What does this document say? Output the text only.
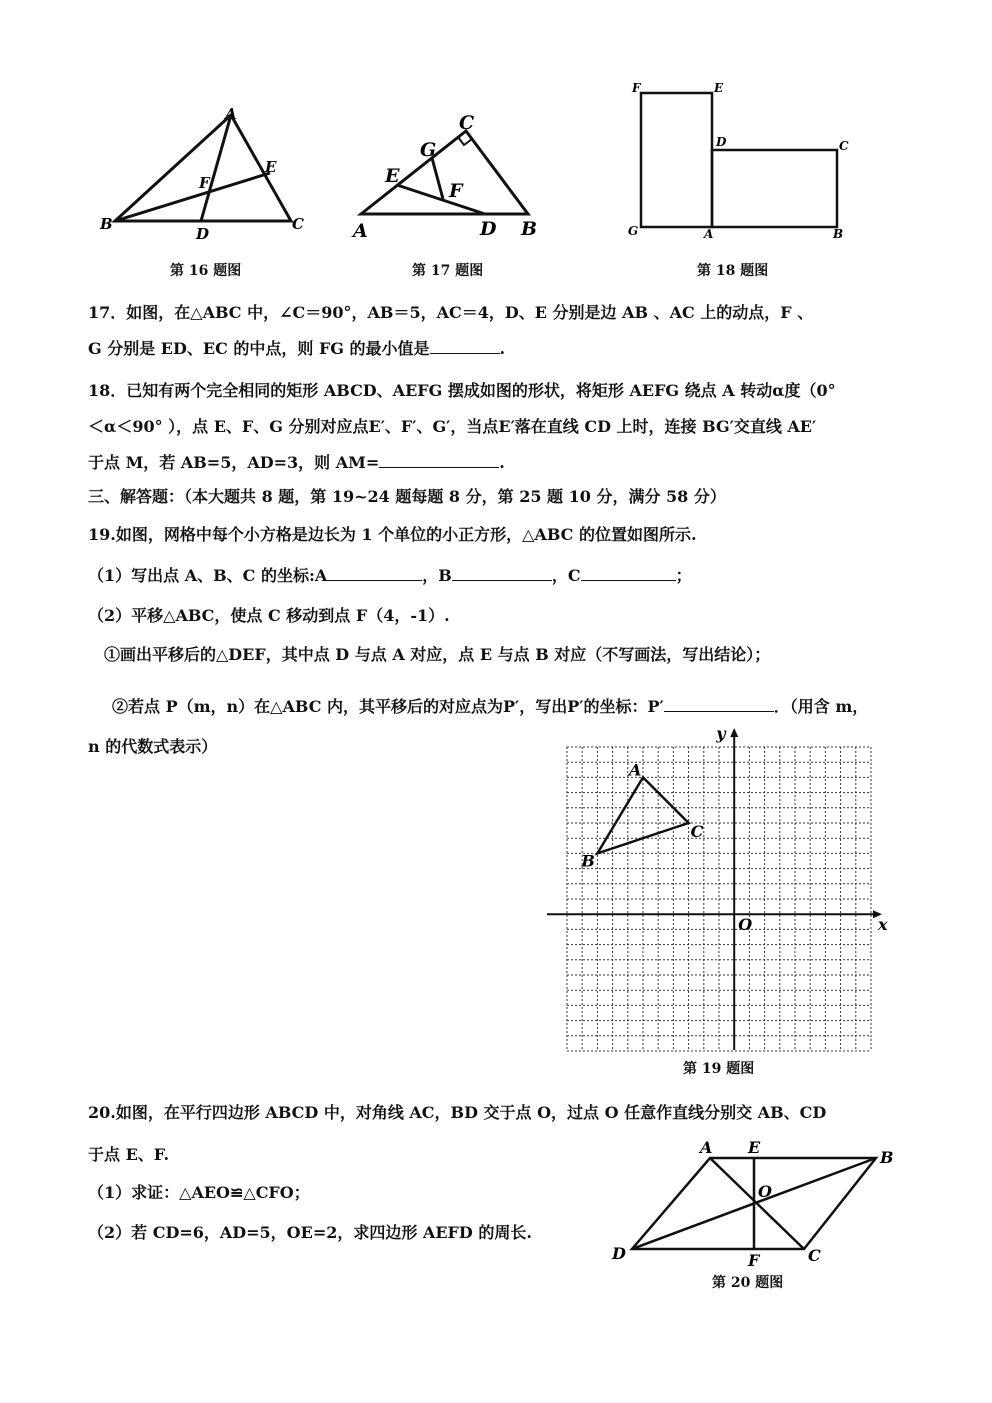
A
B	C
D
E
F
第 16 题图
C
G
E
F
A	D B
第 17 题图
F	E
D	C
G	A	B
第 18 题图
17．如图，在△ABC 中，∠C＝90°，AB＝5，AC＝4，D、E 分别是边 AB 、AC 上的动点，F 、
G 分别是 ED、EC 的中点，则 FG 的最小值是	.
18．已知有两个完全相同的矩形 ABCD、AEFG 摆成如图的形状，将矩形 AEFG 绕点 A 转动α度（0°
＜α＜90° ），点 E、F、G 分别对应点E′、F′、G′，当点E′落在直线 CD 上时，连接 BG′交直线 AE′
于点 M，若 AB=5，AD=3，则 AM=	.
三、解答题：（本大题共 8 题，第 19~24 题每题 8 分，第 25 题 10 分，满分 58 分）
19.如图，网格中每个小方格是边长为 1 个单位的小正方形，△ABC 的位置如图所示.
（1）写出点 A、B、C 的坐标:A	，B	，C	；
（2）平移△ABC，使点 C 移动到点 F（4，-1）.
①画出平移后的△DEF，其中点 D 与点 A 对应，点 E 与点 B 对应（不写画法，写出结论）；
②若点 P（m，n）在△ABC 内，其平移后的对应点为P′，写出P′的坐标：P′	．（用含 m，
n 的代数式表示）
A
B
C
O	x
y
第 19 题图
20.如图，在平行四边形 ABCD 中，对角线 AC，BD 交于点 O，过点 O 任意作直线分别交 AB、CD
于点 E、F.
（1）求证：△AEO≌△CFO；
（2）若 CD=6，AD=5，OE=2，求四边形 AEFD 的周长.
A E
B
O
D	F	C
第 20 题图
